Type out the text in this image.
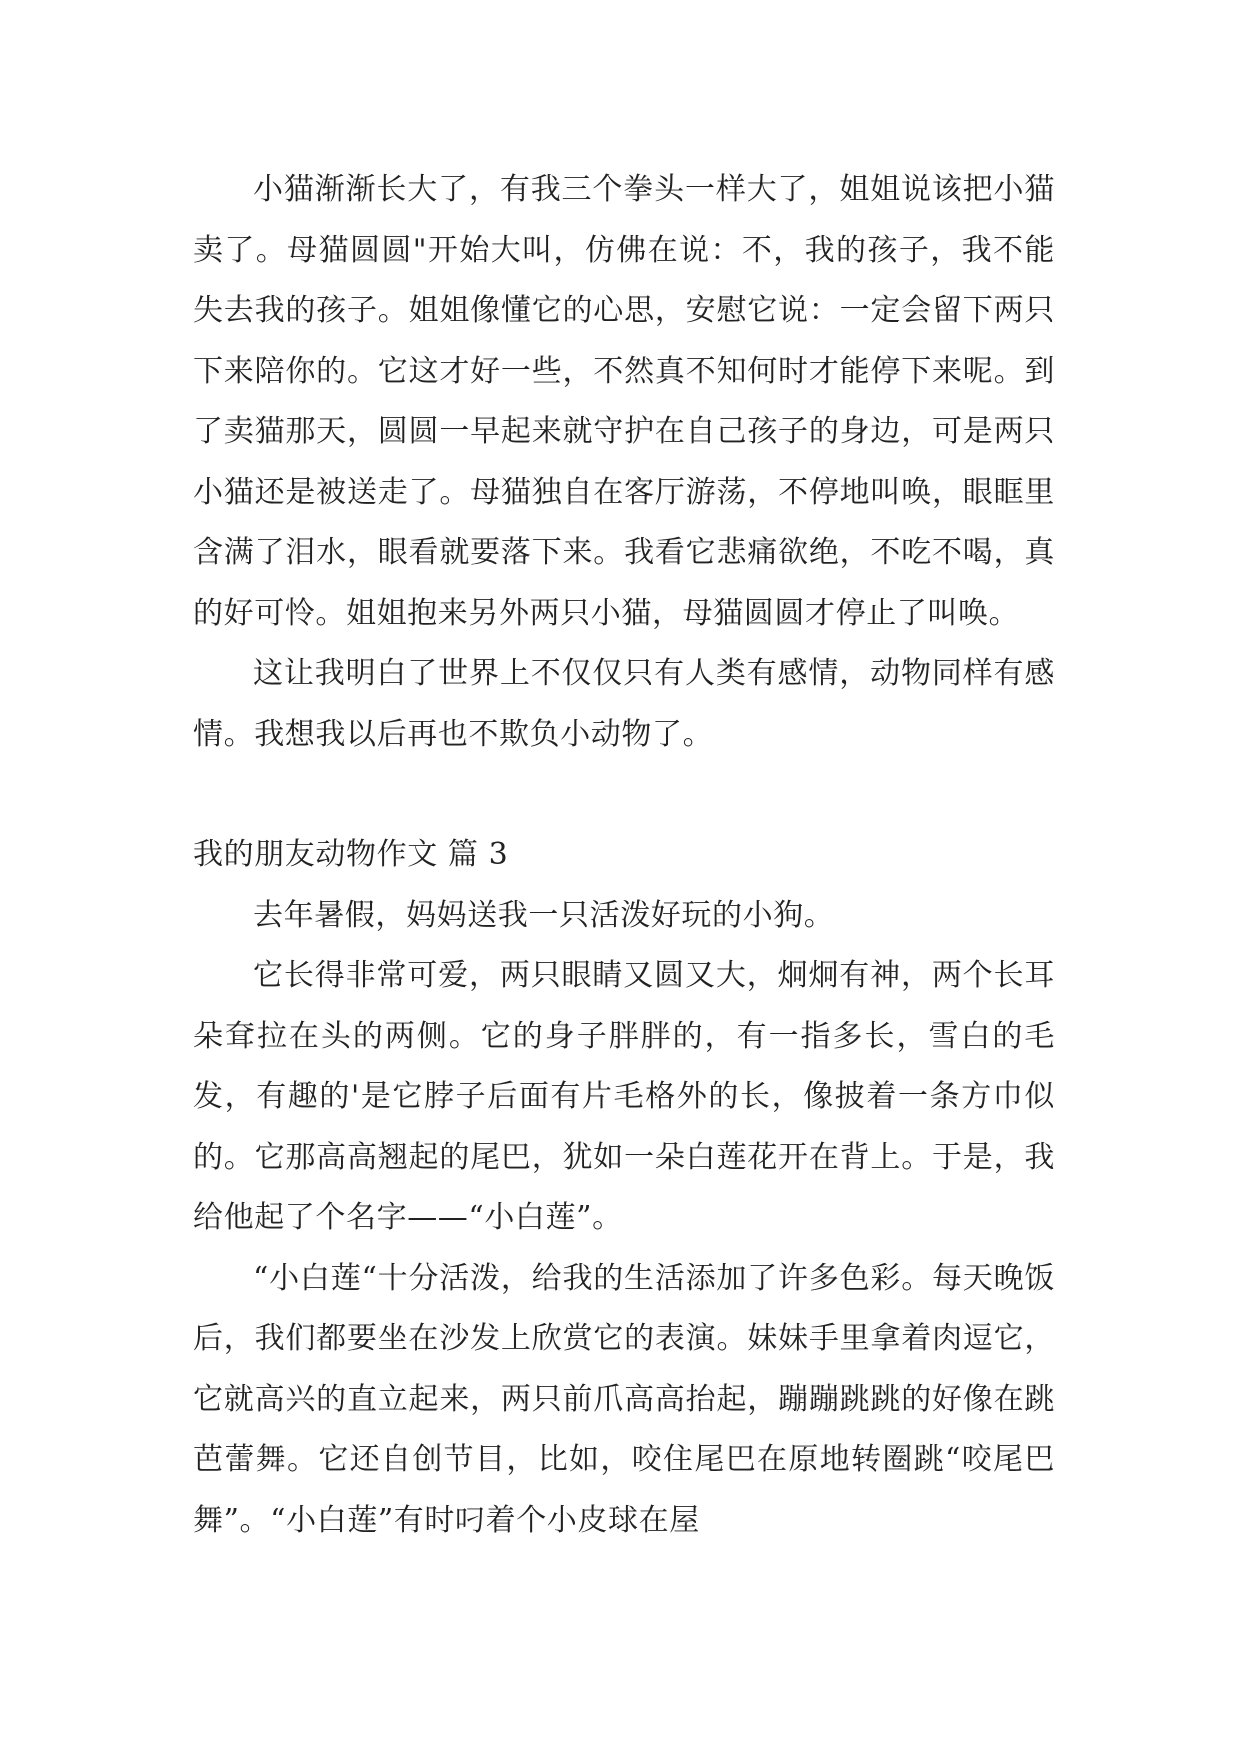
小猫渐渐长大了，有我三个拳头一样大了，姐姐说该把小猫卖了。母猫圆圆"开始大叫，仿佛在说：不，我的孩子，我不能失去我的孩子。姐姐像懂它的心思，安慰它说：一定会留下两只下来陪你的。它这才好一些，不然真不知何时才能停下来呢。到了卖猫那天，圆圆一早起来就守护在自己孩子的身边，可是两只小猫还是被送走了。母猫独自在客厅游荡，不停地叫唤，眼眶里含满了泪水，眼看就要落下来。我看它悲痛欲绝，不吃不喝，真的好可怜。姐姐抱来另外两只小猫，母猫圆圆才停止了叫唤。

这让我明白了世界上不仅仅只有人类有感情，动物同样有感情。我想我以后再也不欺负小动物了。

我的朋友动物作文 篇 3

去年暑假，妈妈送我一只活泼好玩的小狗。

它长得非常可爱，两只眼睛又圆又大，炯炯有神，两个长耳朵耷拉在头的两侧。它的身子胖胖的，有一指多长，雪白的毛发，有趣的'是它脖子后面有片毛格外的长，像披着一条方巾似的。它那高高翘起的尾巴，犹如一朵白莲花开在背上。于是，我给他起了个名字——“小白莲”。

“小白莲“十分活泼，给我的生活添加了许多色彩。每天晚饭后，我们都要坐在沙发上欣赏它的表演。妹妹手里拿着肉逗它，它就高兴的直立起来，两只前爪高高抬起，蹦蹦跳跳的好像在跳芭蕾舞。它还自创节目，比如，咬住尾巴在原地转圈跳“咬尾巴舞”。“小白莲”有时叼着个小皮球在屋
